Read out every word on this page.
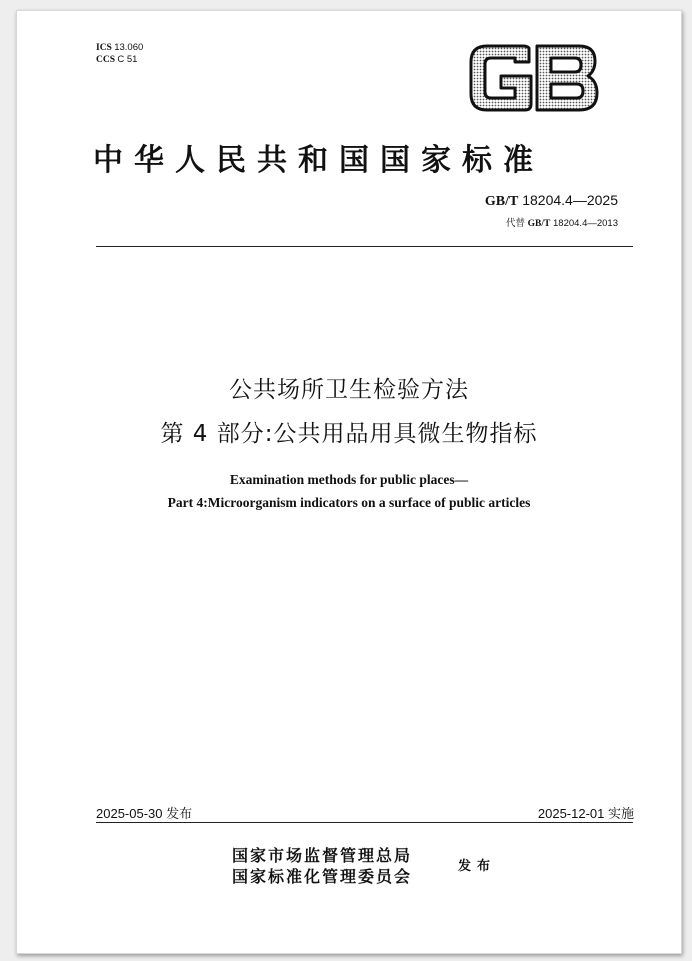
ICS 13.060
CCS C 51
中华人民共和国国家标准
GB/T 18204.4—2025
代替 GB/T 18204.4—2013
公共场所卫生检验方法
第 4 部分:公共用品用具微生物指标
Examination methods for public places—
Part 4:Microorganism indicators on a surface of public articles
2025-05-30 发布	2025-12-01 实施
国家市场监督管理总局
国家标准化管理委员会
发布
